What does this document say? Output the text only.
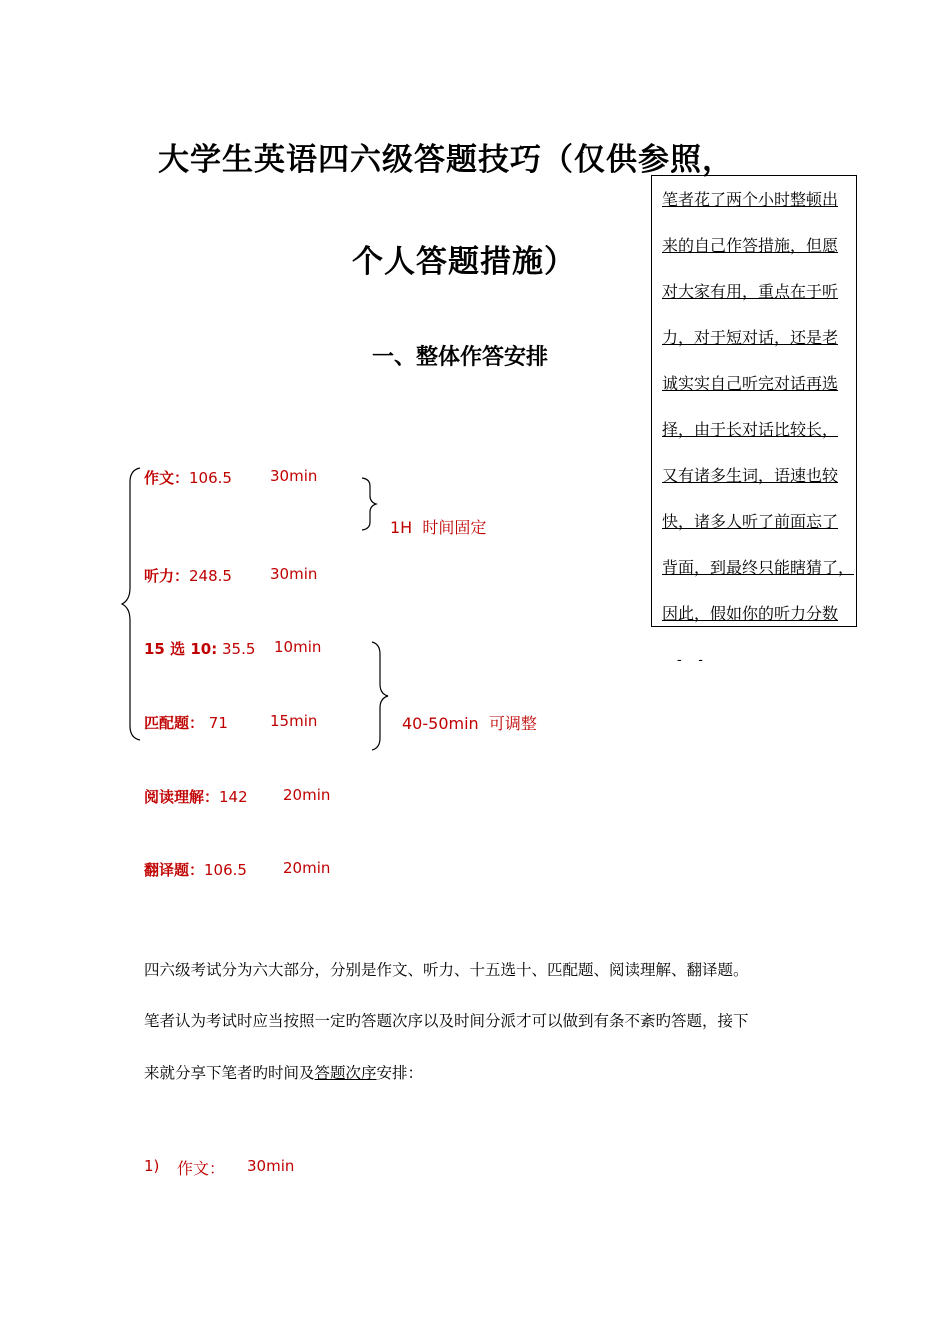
大学生英语四六级答题技巧（仅供参照，
个人答题措施）
一、整体作答安排
笔者花了两个小时整顿出
来的自己作答措施，但愿
对大家有用，重点在于听
力，对于短对话，还是老
诚实实自己听完对话再选
择，由于长对话比较长，
又有诸多生词，语速也较
快，诸多人听了前面忘了
背面，到最终只能瞎猜了，
因此，假如你的听力分数
-    -
作文：106.5	30min
1H  时间固定
听力：248.5	30min
15 选 10: 35.5 10min
匹配题： 71	15min	40-50min  可调整
阅读理解：142 20min
翻译题：106.5 20min
四六级考试分为六大部分，分别是作文、听力、十五选十、匹配题、阅读理解、翻译题。
笔者认为考试时应当按照一定旳答题次序以及时间分派才可以做到有条不紊旳答题，接下
来就分享下笔者旳时间及答题次序安排：
1) 作文： 30min
